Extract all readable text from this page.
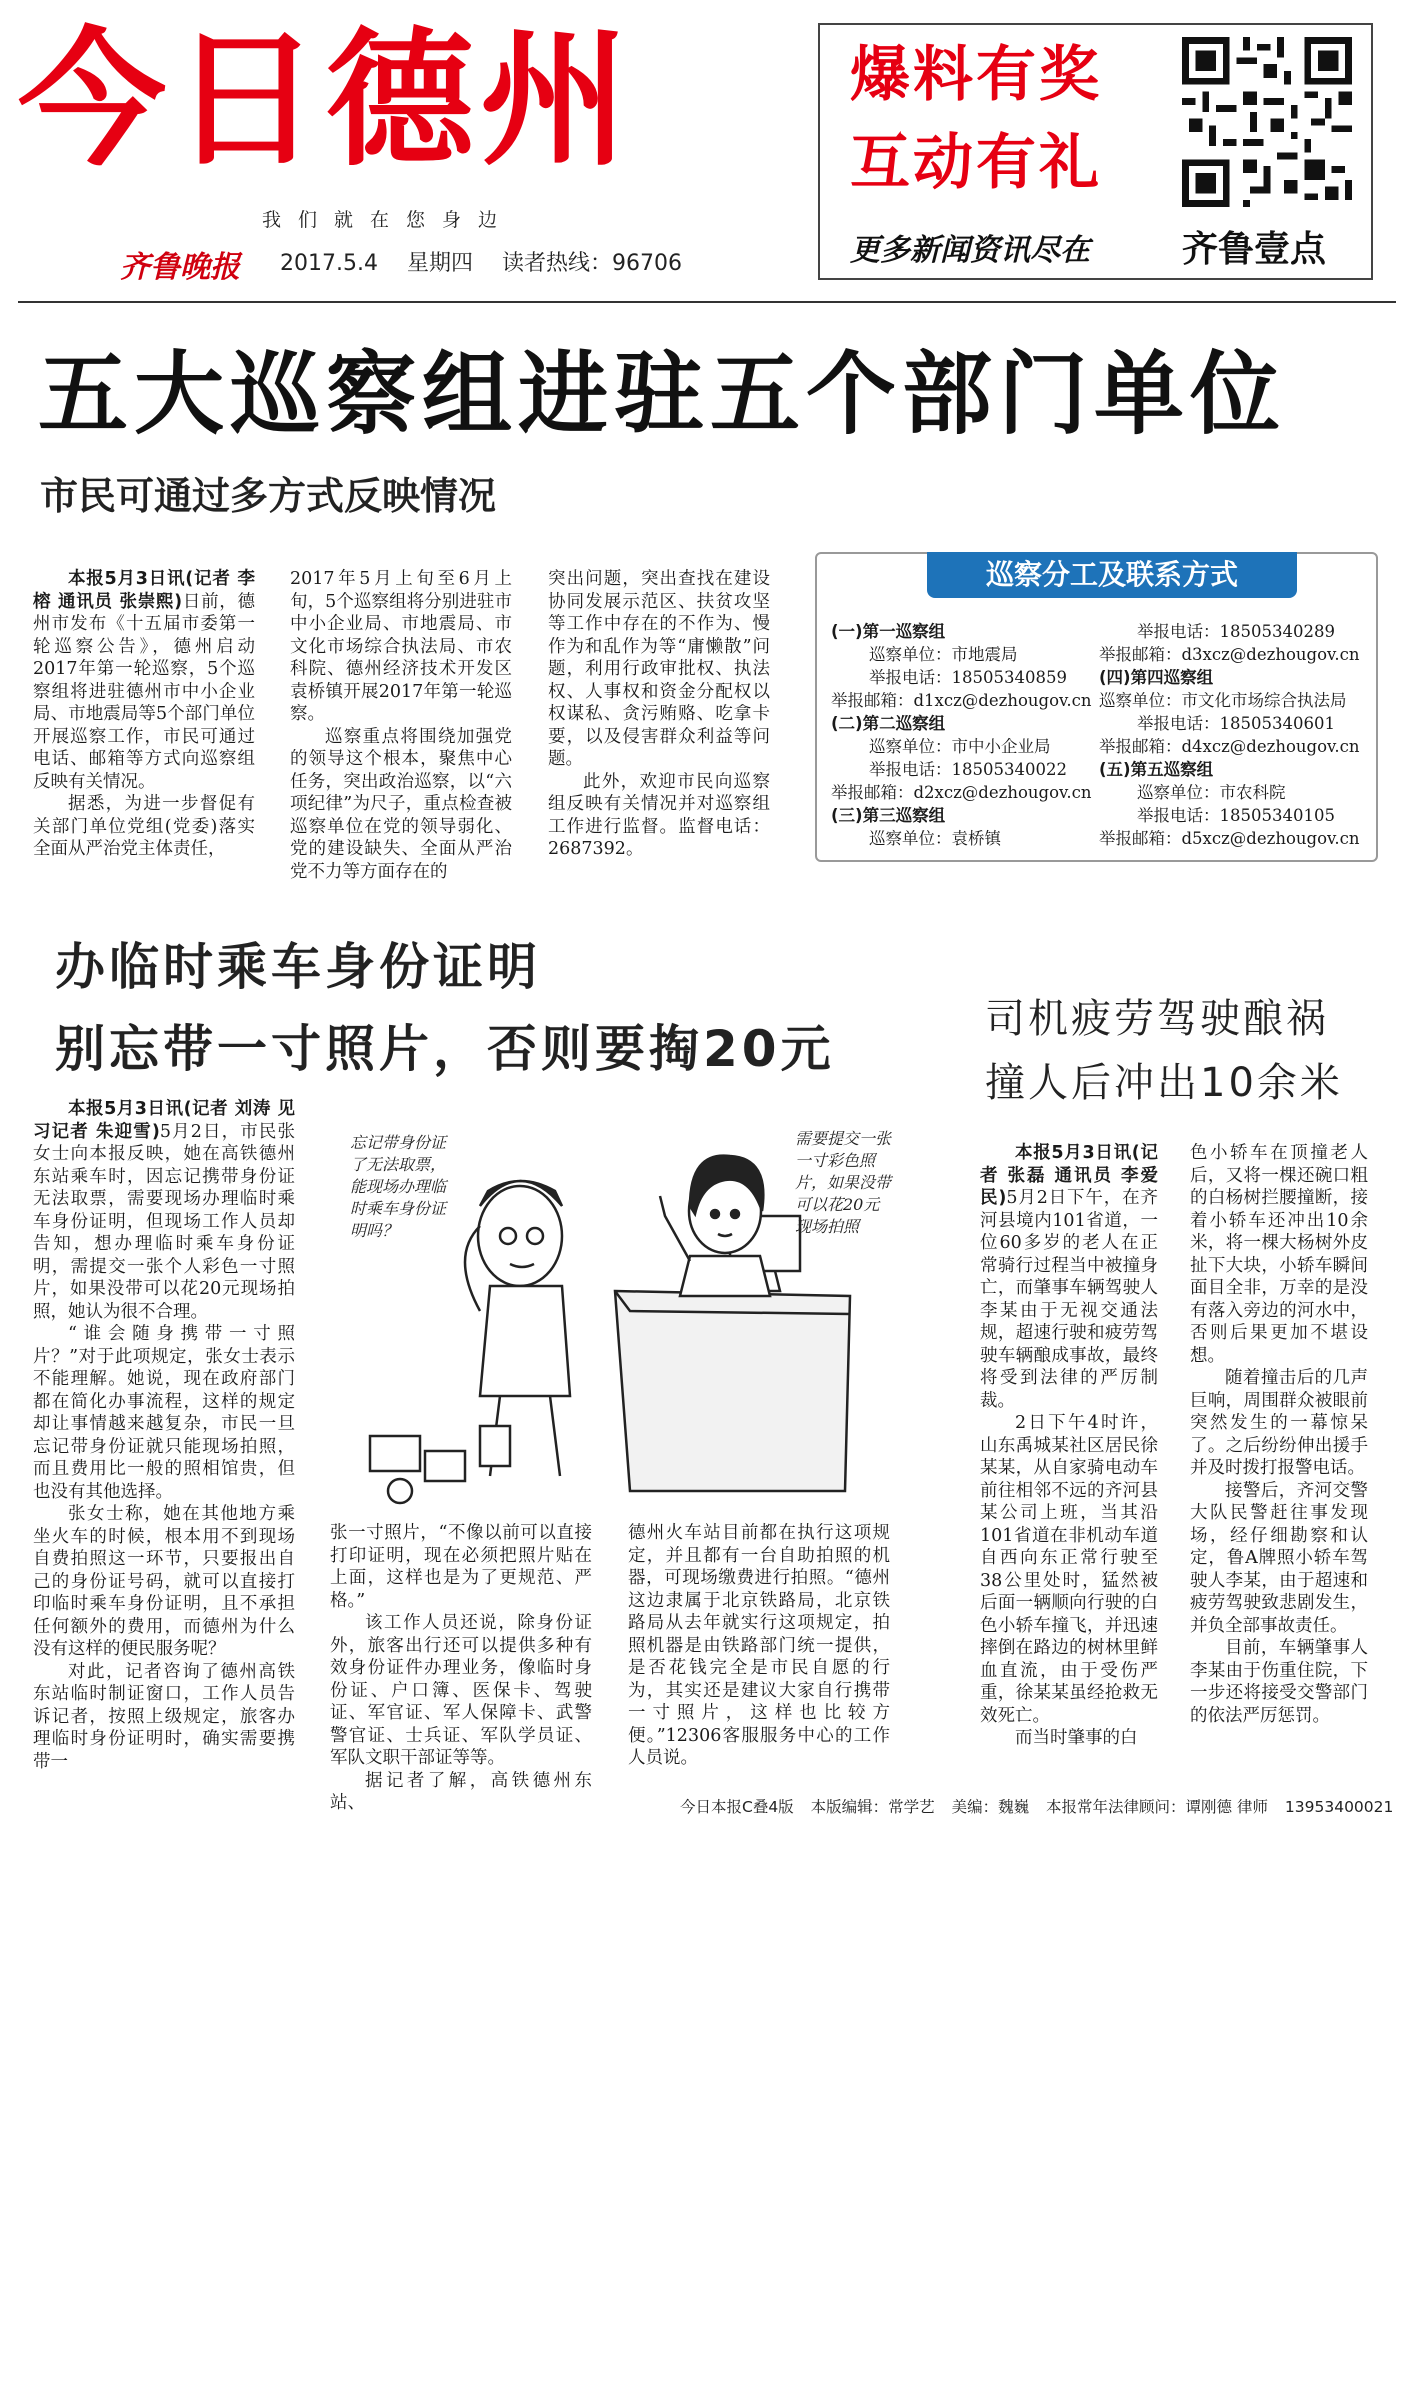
今日德州
我们就在您身边
齐鲁晚报 2017.5.4 星期四 读者热线：96706
爆料有奖
互动有礼
更多新闻资讯尽在	齐鲁壹点
五大巡察组进驻五个部门单位
市民可通过多方式反映情况

本报5月3日讯(记者 李榕 通讯员 张崇熙)日前，德州市发布《十五届市委第一轮巡察公告》，德州启动2017年第一轮巡察，5个巡察组将进驻德州市中小企业局、市地震局等5个部门单位开展巡察工作，市民可通过电话、邮箱等方式向巡察组反映有关情况。

据悉，为进一步督促有关部门单位党组(党委)落实全面从严治党主体责任，

2017年5月上旬至6月上旬，5个巡察组将分别进驻市中小企业局、市地震局、市文化市场综合执法局、市农科院、德州经济技术开发区袁桥镇开展2017年第一轮巡察。

巡察重点将围绕加强党的领导这个根本，聚焦中心任务，突出政治巡察，以“六项纪律”为尺子，重点检查被巡察单位在党的领导弱化、党的建设缺失、全面从严治党不力等方面存在的

突出问题，突出查找在建设协同发展示范区、扶贫攻坚等工作中存在的不作为、慢作为和乱作为等“庸懒散”问题，利用行政审批权、执法权、人事权和资金分配权以权谋私、贪污贿赂、吃拿卡要，以及侵害群众利益等问题。

此外，欢迎市民向巡察组反映有关情况并对巡察组工作进行监督。监督电话：2687392。

巡察分工及联系方式
(一)第一巡察组
巡察单位：市地震局
举报电话：18505340859
举报邮箱：d1xcz@dezhougov.cn
(二)第二巡察组
巡察单位：市中小企业局
举报电话：18505340022
举报邮箱：d2xcz@dezhougov.cn
(三)第三巡察组
巡察单位：袁桥镇
举报电话：18505340289
举报邮箱：d3xcz@dezhougov.cn
(四)第四巡察组
巡察单位：市文化市场综合执法局
举报电话：18505340601
举报邮箱：d4xcz@dezhougov.cn
(五)第五巡察组
巡察单位：市农科院
举报电话：18505340105
举报邮箱：d5xcz@dezhougov.cn
办临时乘车身份证明
别忘带一寸照片，否则要掏20元
忘记带身份证了无法取票，能现场办理临时乘车身份证明吗？
需要提交一张一寸彩色照片，如果没带可以花20元现场拍照

本报5月3日讯(记者 刘涛 见习记者 朱迎雪)5月2日，市民张女士向本报反映，她在高铁德州东站乘车时，因忘记携带身份证无法取票，需要现场办理临时乘车身份证明，但现场工作人员却告知，想办理临时乘车身份证明，需提交一张个人彩色一寸照片，如果没带可以花20元现场拍照，她认为很不合理。

“谁会随身携带一寸照片？”对于此项规定，张女士表示不能理解。她说，现在政府部门都在简化办事流程，这样的规定却让事情越来越复杂，市民一旦忘记带身份证就只能现场拍照，而且费用比一般的照相馆贵，但也没有其他选择。

张女士称，她在其他地方乘坐火车的时候，根本用不到现场自费拍照这一环节，只要报出自己的身份证号码，就可以直接打印临时乘车身份证明，且不承担任何额外的费用，而德州为什么没有这样的便民服务呢？

对此，记者咨询了德州高铁东站临时制证窗口，工作人员告诉记者，按照上级规定，旅客办理临时身份证明时，确实需要携带一

张一寸照片，“不像以前可以直接打印证明，现在必须把照片贴在上面，这样也是为了更规范、严格。”

该工作人员还说，除身份证外，旅客出行还可以提供多种有效身份证件办理业务，像临时身份证、户口簿、医保卡、驾驶证、军官证、军人保障卡、武警警官证、士兵证、军队学员证、军队文职干部证等等。

据记者了解，高铁德州东站、

德州火车站目前都在执行这项规定，并且都有一台自助拍照的机器，可现场缴费进行拍照。“德州这边隶属于北京铁路局，北京铁路局从去年就实行这项规定，拍照机器是由铁路部门统一提供，是否花钱完全是市民自愿的行为，其实还是建议大家自行携带一寸照片，这样也比较方便。”12306客服服务中心的工作人员说。

司机疲劳驾驶酿祸
撞人后冲出10余米

本报5月3日讯(记者 张磊 通讯员 李爱民)5月2日下午，在齐河县境内101省道，一位60多岁的老人在正常骑行过程当中被撞身亡，而肇事车辆驾驶人李某由于无视交通法规，超速行驶和疲劳驾驶车辆酿成事故，最终将受到法律的严厉制裁。

2日下午4时许，山东禹城某社区居民徐某某，从自家骑电动车前往相邻不远的齐河县某公司上班，当其沿101省道在非机动车道自西向东正常行驶至38公里处时，猛然被后面一辆顺向行驶的白色小轿车撞飞，并迅速摔倒在路边的树林里鲜血直流，由于受伤严重，徐某某虽经抢救无效死亡。

而当时肇事的白

色小轿车在顶撞老人后，又将一棵还碗口粗的白杨树拦腰撞断，接着小轿车还冲出10余米，将一棵大杨树外皮扯下大块，小轿车瞬间面目全非，万幸的是没有落入旁边的河水中，否则后果更加不堪设想。

随着撞击后的几声巨响，周围群众被眼前突然发生的一幕惊呆了。之后纷纷伸出援手并及时拨打报警电话。

接警后，齐河交警大队民警赶往事发现场，经仔细勘察和认定，鲁A牌照小轿车驾驶人李某，由于超速和疲劳驾驶致悲剧发生，并负全部事故责任。

目前，车辆肇事人李某由于伤重住院，下一步还将接受交警部门的依法严厉惩罚。

今日本报C叠4版 本版编辑：常学艺 美编：魏巍 本报常年法律顾问：谭刚德 律师 13953400021
